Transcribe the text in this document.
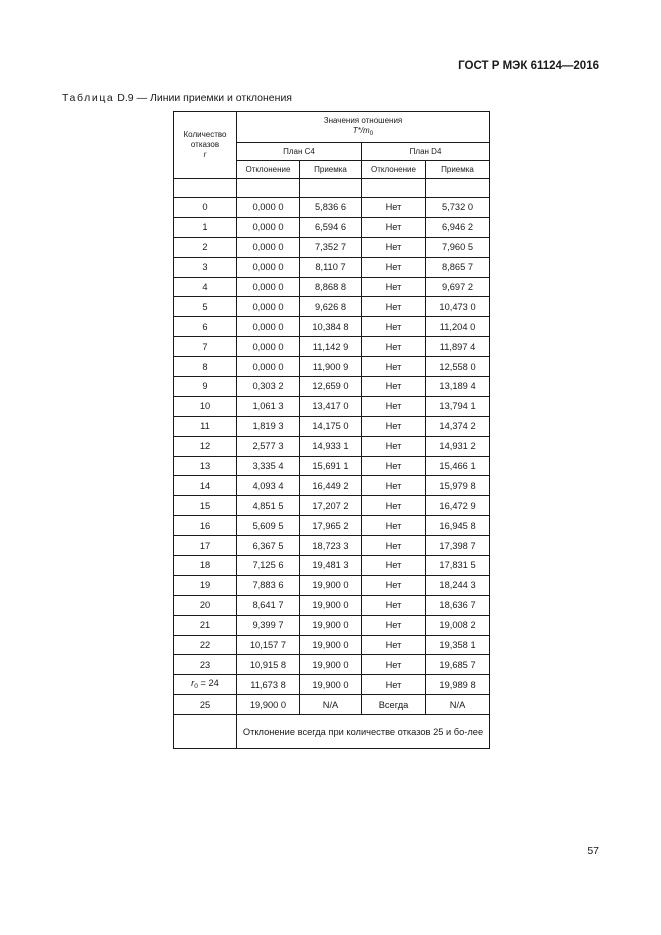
ГОСТ Р МЭК 61124—2016
Таблица D.9 — Линии приемки и отклонения
Количество отказов
r	Значения отношения
$T*/m_0$
	План С4		План D4	
	Отклонение	Приемка	Отклонение	Приемка

0	0,000 0	5,836 6	Нет	5,732 0
1	0,000 0	6,594 6	Нет	6,946 2
2	0,000 0	7,352 7	Нет	7,960 5
3	0,000 0	8,110 7	Нет	8,865 7
4	0,000 0	8,868 8	Нет	9,697 2
5	0,000 0	9,626 8	Нет	10,473 0
6	0,000 0	10,384 8	Нет	11,204 0
7	0,000 0	11,142 9	Нет	11,897 4
8	0,000 0	11,900 9	Нет	12,558 0
9	0,303 2	12,659 0	Нет	13,189 4
10	1,061 3	13,417 0	Нет	13,794 1
11	1,819 3	14,175 0	Нет	14,374 2
12	2,577 3	14,933 1	Нет	14,931 2
13	3,335 4	15,691 1	Нет	15,466 1
14	4,093 4	16,449 2	Нет	15,979 8
15	4,851 5	17,207 2	Нет	16,472 9
16	5,609 5	17,965 2	Нет	16,945 8
17	6,367 5	18,723 3	Нет	17,398 7
18	7,125 6	19,481 3	Нет	17,831 5
19	7,883 6	19,900 0	Нет	18,244 3
20	8,641 7	19,900 0	Нет	18,636 7
21	9,399 7	19,900 0	Нет	19,008 2
22	10,157 7	19,900 0	Нет	19,358 1
23	10,915 8	19,900 0	Нет	19,685 7
$r_0 = 24$	11,673 8	19,900 0	Нет	19,989 8
25	19,900 0	N/A	Всегда	N/A
	Отклонение всегда при количестве отказов 25 и бо-лее			
57
